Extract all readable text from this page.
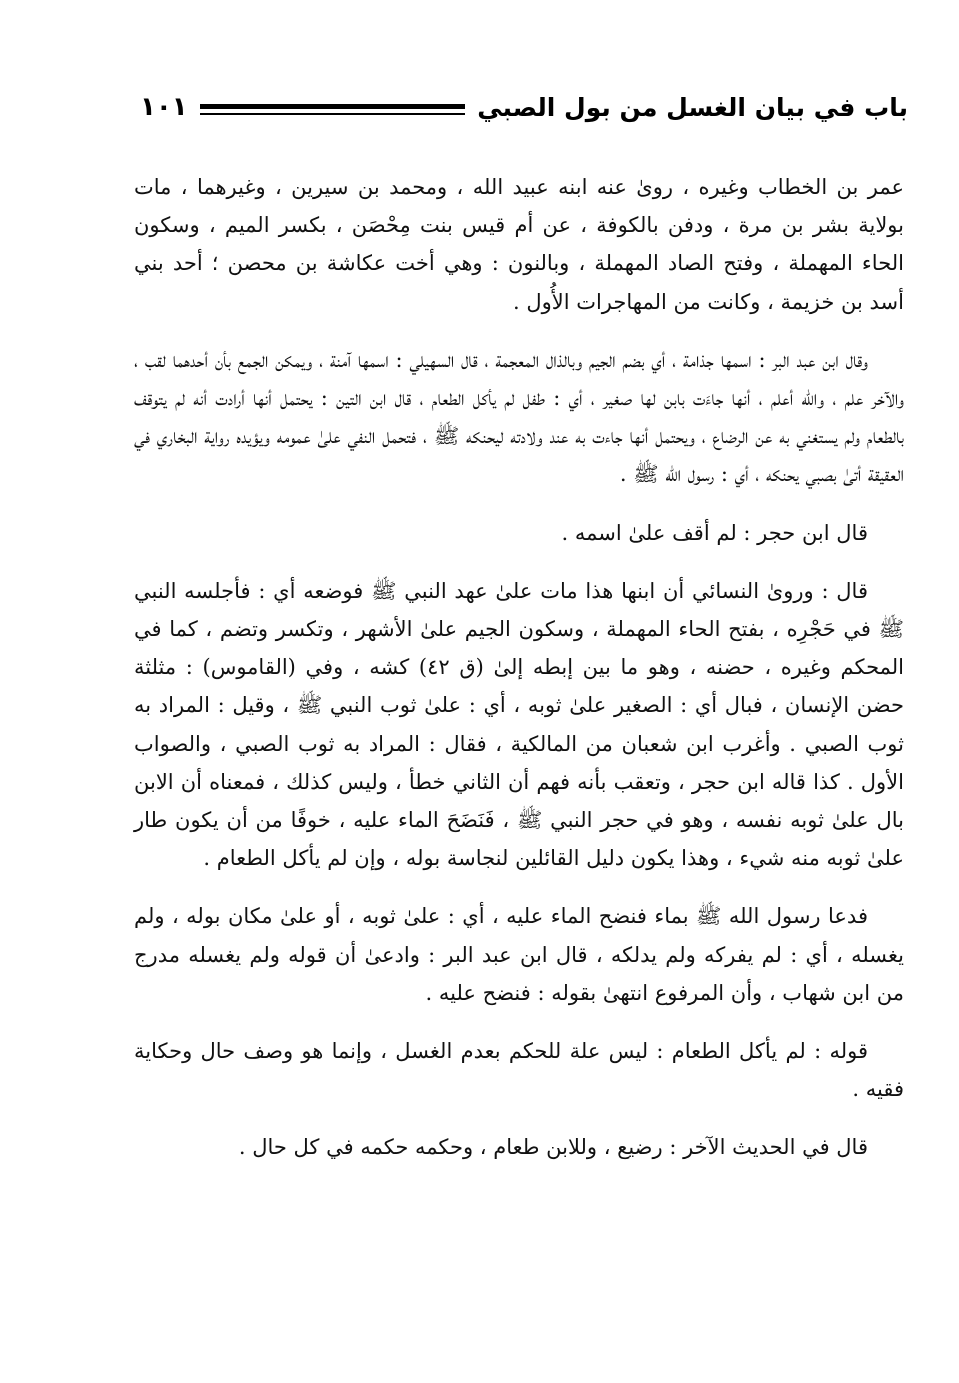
باب في بيان الغسل من بول الصبي
١٠١

عمر بن الخطاب وغيره ، روىٰ عنه ابنه عبيد الله ، ومحمد بن سيرين ، وغيرهما ، مات بولاية بشر بن مرة ، ودفن بالكوفة ، عن أم قيس بنت مِحْصَن ، بكسر الميم ، وسكون الحاء المهملة ، وفتح الصاد المهملة ، وبالنون : وهي أخت عكاشة بن محصن ؛ أحد بني أسد بن خزيمة ، وكانت من المهاجرات الأُول .

وقال ابن عبد البر : اسمها جذامة ، أي بضم الجيم وبالذال المعجمة ، قال السهيلي : اسمها آمنة ، ويمكن الجمع بأن أحدهما لقب ، والآخر علم ، والله أعلم ، أنها جاءَت بابن لها صغير ، أي : طفل لم يأكل الطعام ، قال ابن التين : يحتمل أنها أرادت أنه لم يتوقف بالطعام ولم يستغني به عن الرضاع ، ويحتمل أنها جاءت به عند ولادته ليحنكه ﷺ ، فتحمل النفي علىٰ عمومه ويؤيده رواية البخاري في العقيقة أتىٰ بصبي يحنكه ، أي : رسول الله ﷺ .

قال ابن حجر : لم أقف علىٰ اسمه .

قال : وروىٰ النسائي أن ابنها هذا مات علىٰ عهد النبي ﷺ فوضعه أي : فأجلسه النبي ﷺ في حَجْرِه ، بفتح الحاء المهملة ، وسكون الجيم علىٰ الأشهر ، وتكسر وتضم ، كما في المحكم وغيره ، حضنه ، وهو ما بين إبطه إلىٰ (ق ٤٢) كشه ، وفي (القاموس) : مثلثة حضن الإنسان ، فبال أي : الصغير علىٰ ثوبه ، أي : علىٰ ثوب النبي ﷺ ، وقيل : المراد به ثوب الصبي . وأغرب ابن شعبان من المالكية ، فقال : المراد به ثوب الصبي ، والصواب الأول . كذا قاله ابن حجر ، وتعقب بأنه فهم أن الثاني خطأ ، وليس كذلك ، فمعناه أن الابن بال علىٰ ثوبه نفسه ، وهو في حجر النبي ﷺ ، فَنَضَحَ الماء عليه ، خوفًا من أن يكون طار علىٰ ثوبه منه شيء ، وهذا يكون دليل القائلين لنجاسة بوله ، وإن لم يأكل الطعام .

فدعا رسول الله ﷺ بماء فنضح الماء عليه ، أي : علىٰ ثوبه ، أو علىٰ مكان بوله ، ولم يغسله ، أي : لم يفركه ولم يدلكه ، قال ابن عبد البر : وادعىٰ أن قوله ولم يغسله مدرج من ابن شهاب ، وأن المرفوع انتهىٰ بقوله : فنضح عليه .

قوله : لم يأكل الطعام : ليس علة للحكم بعدم الغسل ، وإنما هو وصف حال وحكاية فقيه .

قال في الحديث الآخر : رضيع ، وللابن طعام ، وحكمه حكمه في كل حال .
